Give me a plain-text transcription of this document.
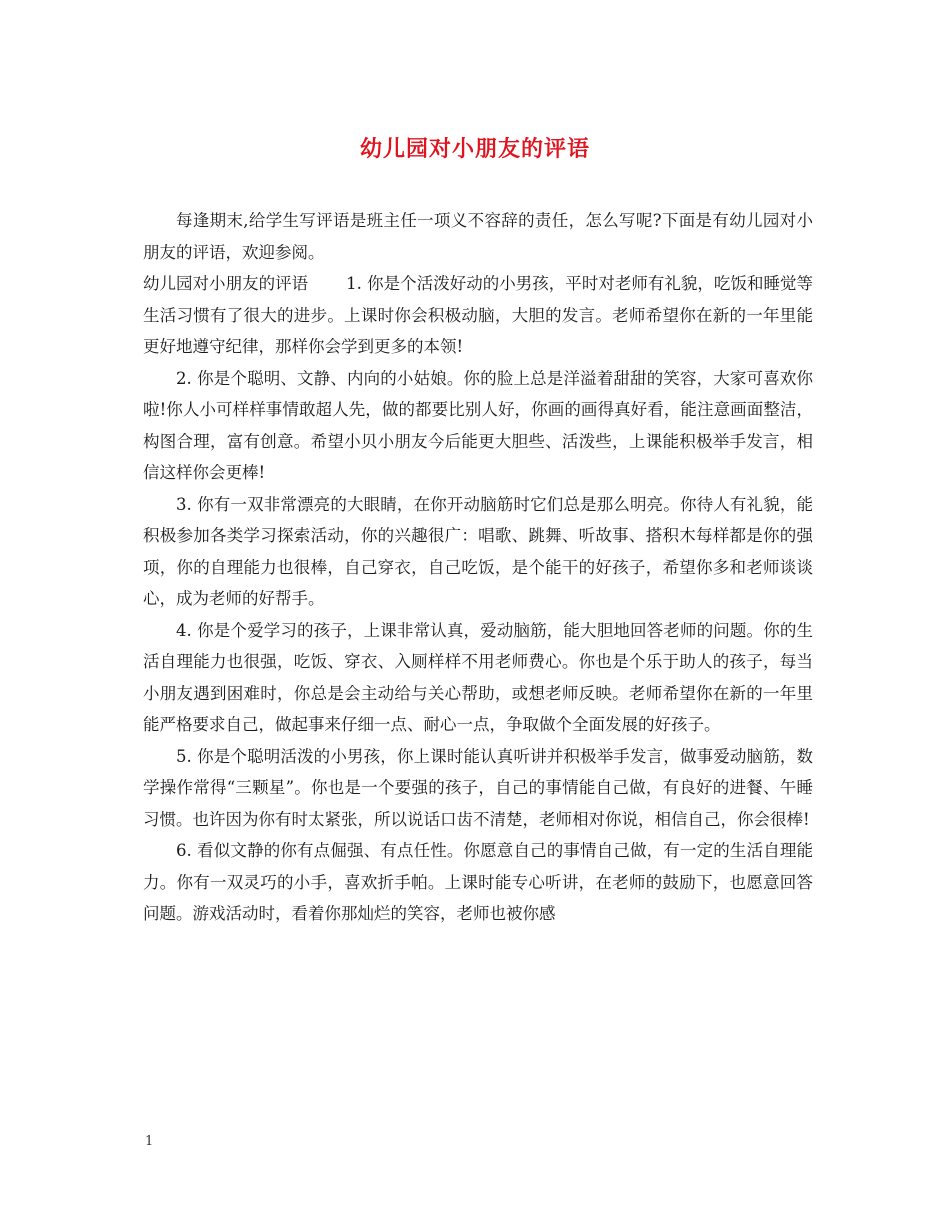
幼儿园对小朋友的评语

每逢期末,给学生写评语是班主任一项义不容辞的责任，怎么写呢?下面是有幼儿园对小朋友的评语，欢迎参阅。

幼儿园对小朋友的评语 1. 你是个活泼好动的小男孩，平时对老师有礼貌，吃饭和睡觉等生活习惯有了很大的进步。上课时你会积极动脑，大胆的发言。老师希望你在新的一年里能更好地遵守纪律，那样你会学到更多的本领!

2. 你是个聪明、文静、内向的小姑娘。你的脸上总是洋溢着甜甜的笑容，大家可喜欢你啦!你人小可样样事情敢超人先，做的都要比别人好，你画的画得真好看，能注意画面整洁，构图合理，富有创意。希望小贝小朋友今后能更大胆些、活泼些，上课能积极举手发言，相信这样你会更棒!

3. 你有一双非常漂亮的大眼睛，在你开动脑筋时它们总是那么明亮。你待人有礼貌，能积极参加各类学习探索活动，你的兴趣很广：唱歌、跳舞、听故事、搭积木每样都是你的强项，你的自理能力也很棒，自己穿衣，自己吃饭，是个能干的好孩子，希望你多和老师谈谈心，成为老师的好帮手。

4. 你是个爱学习的孩子，上课非常认真，爱动脑筋，能大胆地回答老师的问题。你的生活自理能力也很强，吃饭、穿衣、入厕样样不用老师费心。你也是个乐于助人的孩子，每当小朋友遇到困难时，你总是会主动给与关心帮助，或想老师反映。老师希望你在新的一年里能严格要求自己，做起事来仔细一点、耐心一点，争取做个全面发展的好孩子。

5. 你是个聪明活泼的小男孩，你上课时能认真听讲并积极举手发言，做事爱动脑筋，数学操作常得“三颗星”。你也是一个要强的孩子，自己的事情能自己做，有良好的进餐、午睡习惯。也许因为你有时太紧张，所以说话口齿不清楚，老师相对你说，相信自己，你会很棒!

6. 看似文静的你有点倔强、有点任性。你愿意自己的事情自己做，有一定的生活自理能力。你有一双灵巧的小手，喜欢折手帕。上课时能专心听讲，在老师的鼓励下，也愿意回答问题。游戏活动时，看着你那灿烂的笑容，老师也被你感

1
